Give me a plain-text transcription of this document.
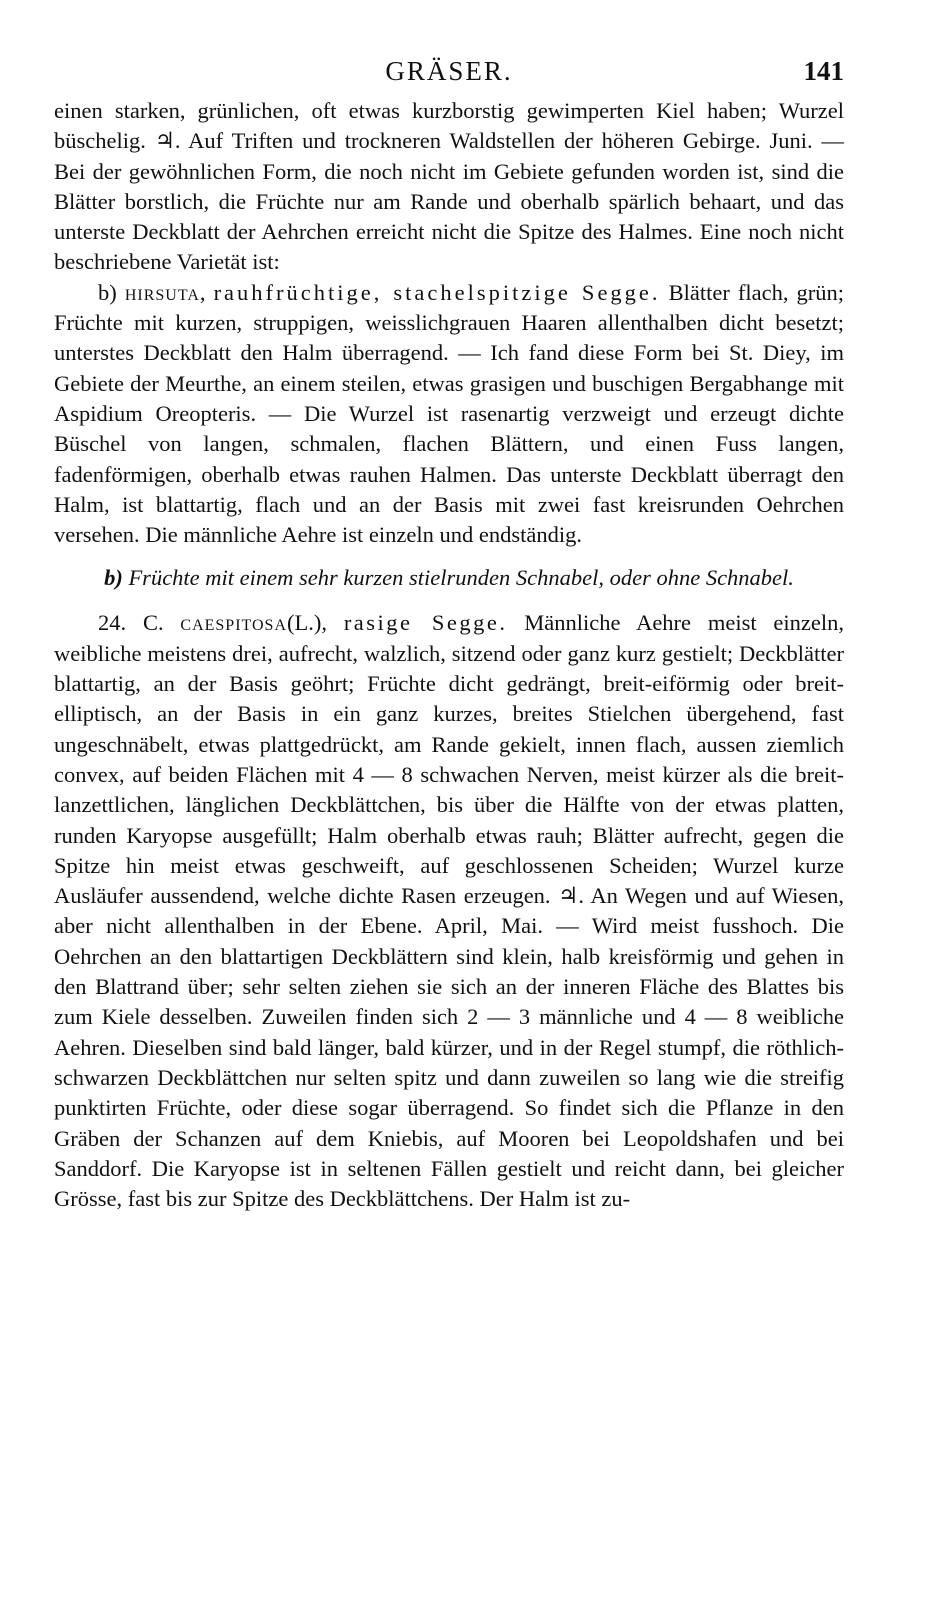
GRÄSER.	141

einen starken, grünlichen, oft etwas kurzborstig gewimperten Kiel haben; Wurzel büschelig. ♃. Auf Triften und trockneren Waldstellen der höheren Gebirge. Juni. — Bei der gewöhnlichen Form, die noch nicht im Gebiete gefunden worden ist, sind die Blätter borstlich, die Früchte nur am Rande und oberhalb spärlich behaart, und das unterste Deckblatt der Aehrchen erreicht nicht die Spitze des Halmes. Eine noch nicht beschriebene Varietät ist:

b) hirsuta, rauhfrüchtige, stachelspitzige Segge. Blätter flach, grün; Früchte mit kurzen, struppigen, weisslichgrauen Haaren allenthalben dicht besetzt; unterstes Deckblatt den Halm überragend. — Ich fand diese Form bei St. Diey, im Gebiete der Meurthe, an einem steilen, etwas grasigen und buschigen Bergabhange mit Aspidium Oreopteris. — Die Wurzel ist rasenartig verzweigt und erzeugt dichte Büschel von langen, schmalen, flachen Blättern, und einen Fuss langen, fadenförmigen, oberhalb etwas rauhen Halmen. Das unterste Deckblatt überragt den Halm, ist blattartig, flach und an der Basis mit zwei fast kreisrunden Oehrchen versehen. Die männliche Aehre ist einzeln und endständig.

b) Früchte mit einem sehr kurzen stielrunden Schnabel, oder ohne Schnabel.

24. C. caespitosa(L.), rasige Segge. Männliche Aehre meist einzeln, weibliche meistens drei, aufrecht, walzlich, sitzend oder ganz kurz gestielt; Deckblätter blattartig, an der Basis geöhrt; Früchte dicht gedrängt, breit-eiförmig oder breit-elliptisch, an der Basis in ein ganz kurzes, breites Stielchen übergehend, fast ungeschnäbelt, etwas plattgedrückt, am Rande gekielt, innen flach, aussen ziemlich convex, auf beiden Flächen mit 4 — 8 schwachen Nerven, meist kürzer als die breit-lanzettlichen, länglichen Deckblättchen, bis über die Hälfte von der etwas platten, runden Karyopse ausgefüllt; Halm oberhalb etwas rauh; Blätter aufrecht, gegen die Spitze hin meist etwas geschweift, auf geschlossenen Scheiden; Wurzel kurze Ausläufer aussendend, welche dichte Rasen erzeugen. ♃. An Wegen und auf Wiesen, aber nicht allenthalben in der Ebene. April, Mai. — Wird meist fusshoch. Die Oehrchen an den blattartigen Deckblättern sind klein, halb kreisförmig und gehen in den Blattrand über; sehr selten ziehen sie sich an der inneren Fläche des Blattes bis zum Kiele desselben. Zuweilen finden sich 2 — 3 männliche und 4 — 8 weibliche Aehren. Dieselben sind bald länger, bald kürzer, und in der Regel stumpf, die röthlich-schwarzen Deckblättchen nur selten spitz und dann zuweilen so lang wie die streifig punktirten Früchte, oder diese sogar überragend. So findet sich die Pflanze in den Gräben der Schanzen auf dem Kniebis, auf Mooren bei Leopoldshafen und bei Sanddorf. Die Karyopse ist in seltenen Fällen gestielt und reicht dann, bei gleicher Grösse, fast bis zur Spitze des Deckblättchens. Der Halm ist zu-
